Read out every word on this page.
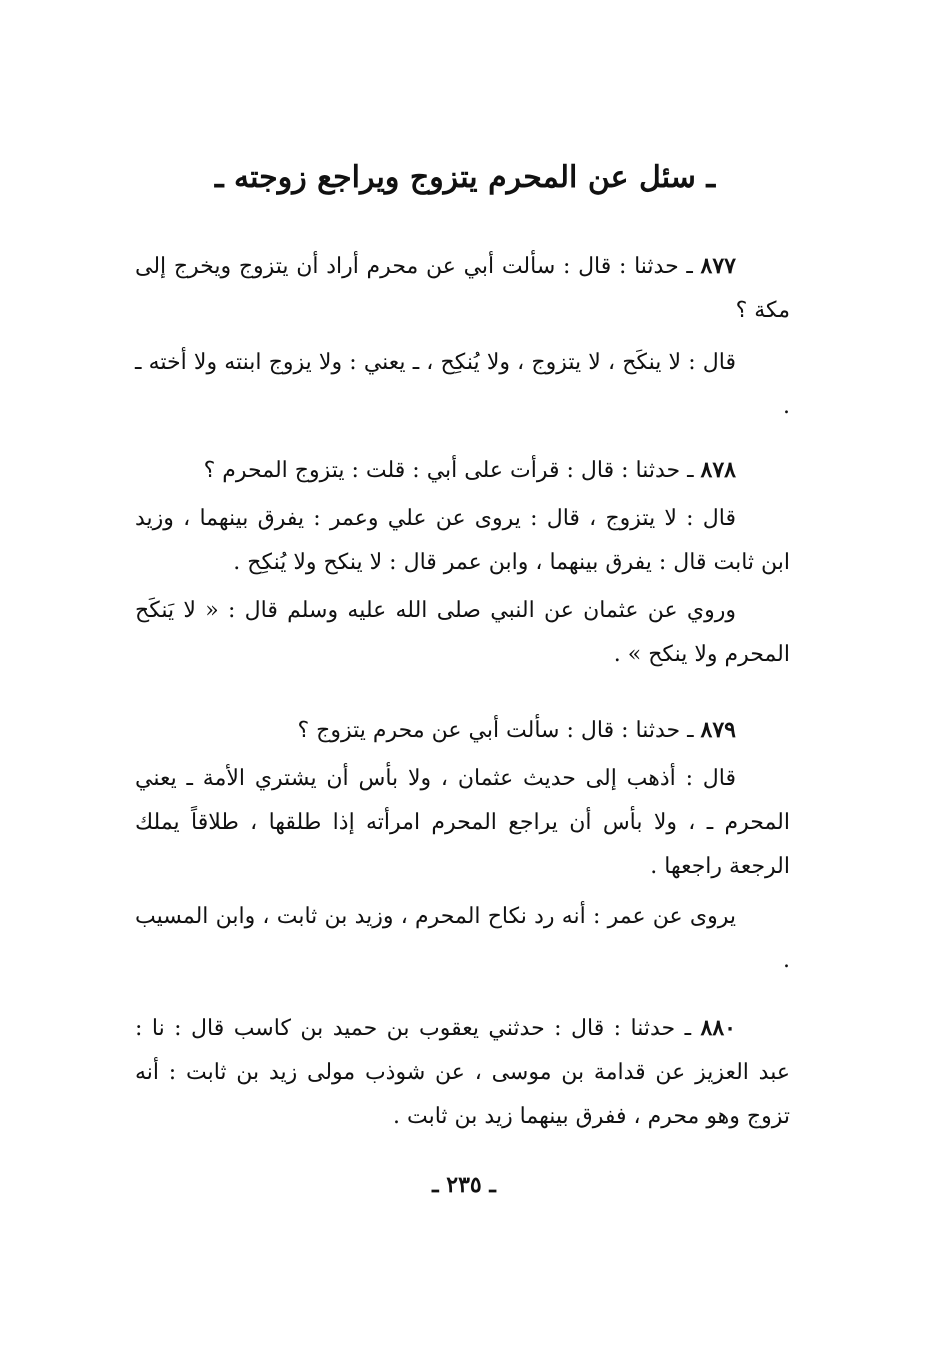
ـ سئل عن المحرم يتزوج ويراجع زوجته ـ

٨٧٧ ـ حدثنا : قال : سألت أبي عن محرم أراد أن يتزوج ويخرج إلى مكة ؟

قال : لا ينكَح ، لا يتزوج ، ولا يُنكِح ، ـ يعني : ولا يزوج ابنته ولا أخته ـ .

٨٧٨ ـ حدثنا : قال : قرأت على أبي : قلت : يتزوج المحرم ؟

قال : لا يتزوج ، قال : يروى عن علي وعمر : يفرق بينهما ، وزيد ابن ثابت قال : يفرق بينهما ، وابن عمر قال : لا ينكح ولا يُنكِح .

وروي عن عثمان عن النبي صلى الله عليه وسلم قال : « لا يَنكَح المحرم ولا ينكح » .

٨٧٩ ـ حدثنا : قال : سألت أبي عن محرم يتزوج ؟

قال : أذهب إلى حديث عثمان ، ولا بأس أن يشتري الأمة ـ يعني المحرم ـ ، ولا بأس أن يراجع المحرم امرأته إذا طلقها ، طلاقاً يملك الرجعة راجعها .

يروى عن عمر : أنه رد نكاح المحرم ، وزيد بن ثابت ، وابن المسيب .

٨٨٠ ـ حدثنا : قال : حدثني يعقوب بن حميد بن كاسب قال : نا : عبد العزيز عن قدامة بن موسى ، عن شوذب مولى زيد بن ثابت : أنه تزوج وهو محرم ، ففرق بينهما زيد بن ثابت .

ـ ٢٣٥ ـ
